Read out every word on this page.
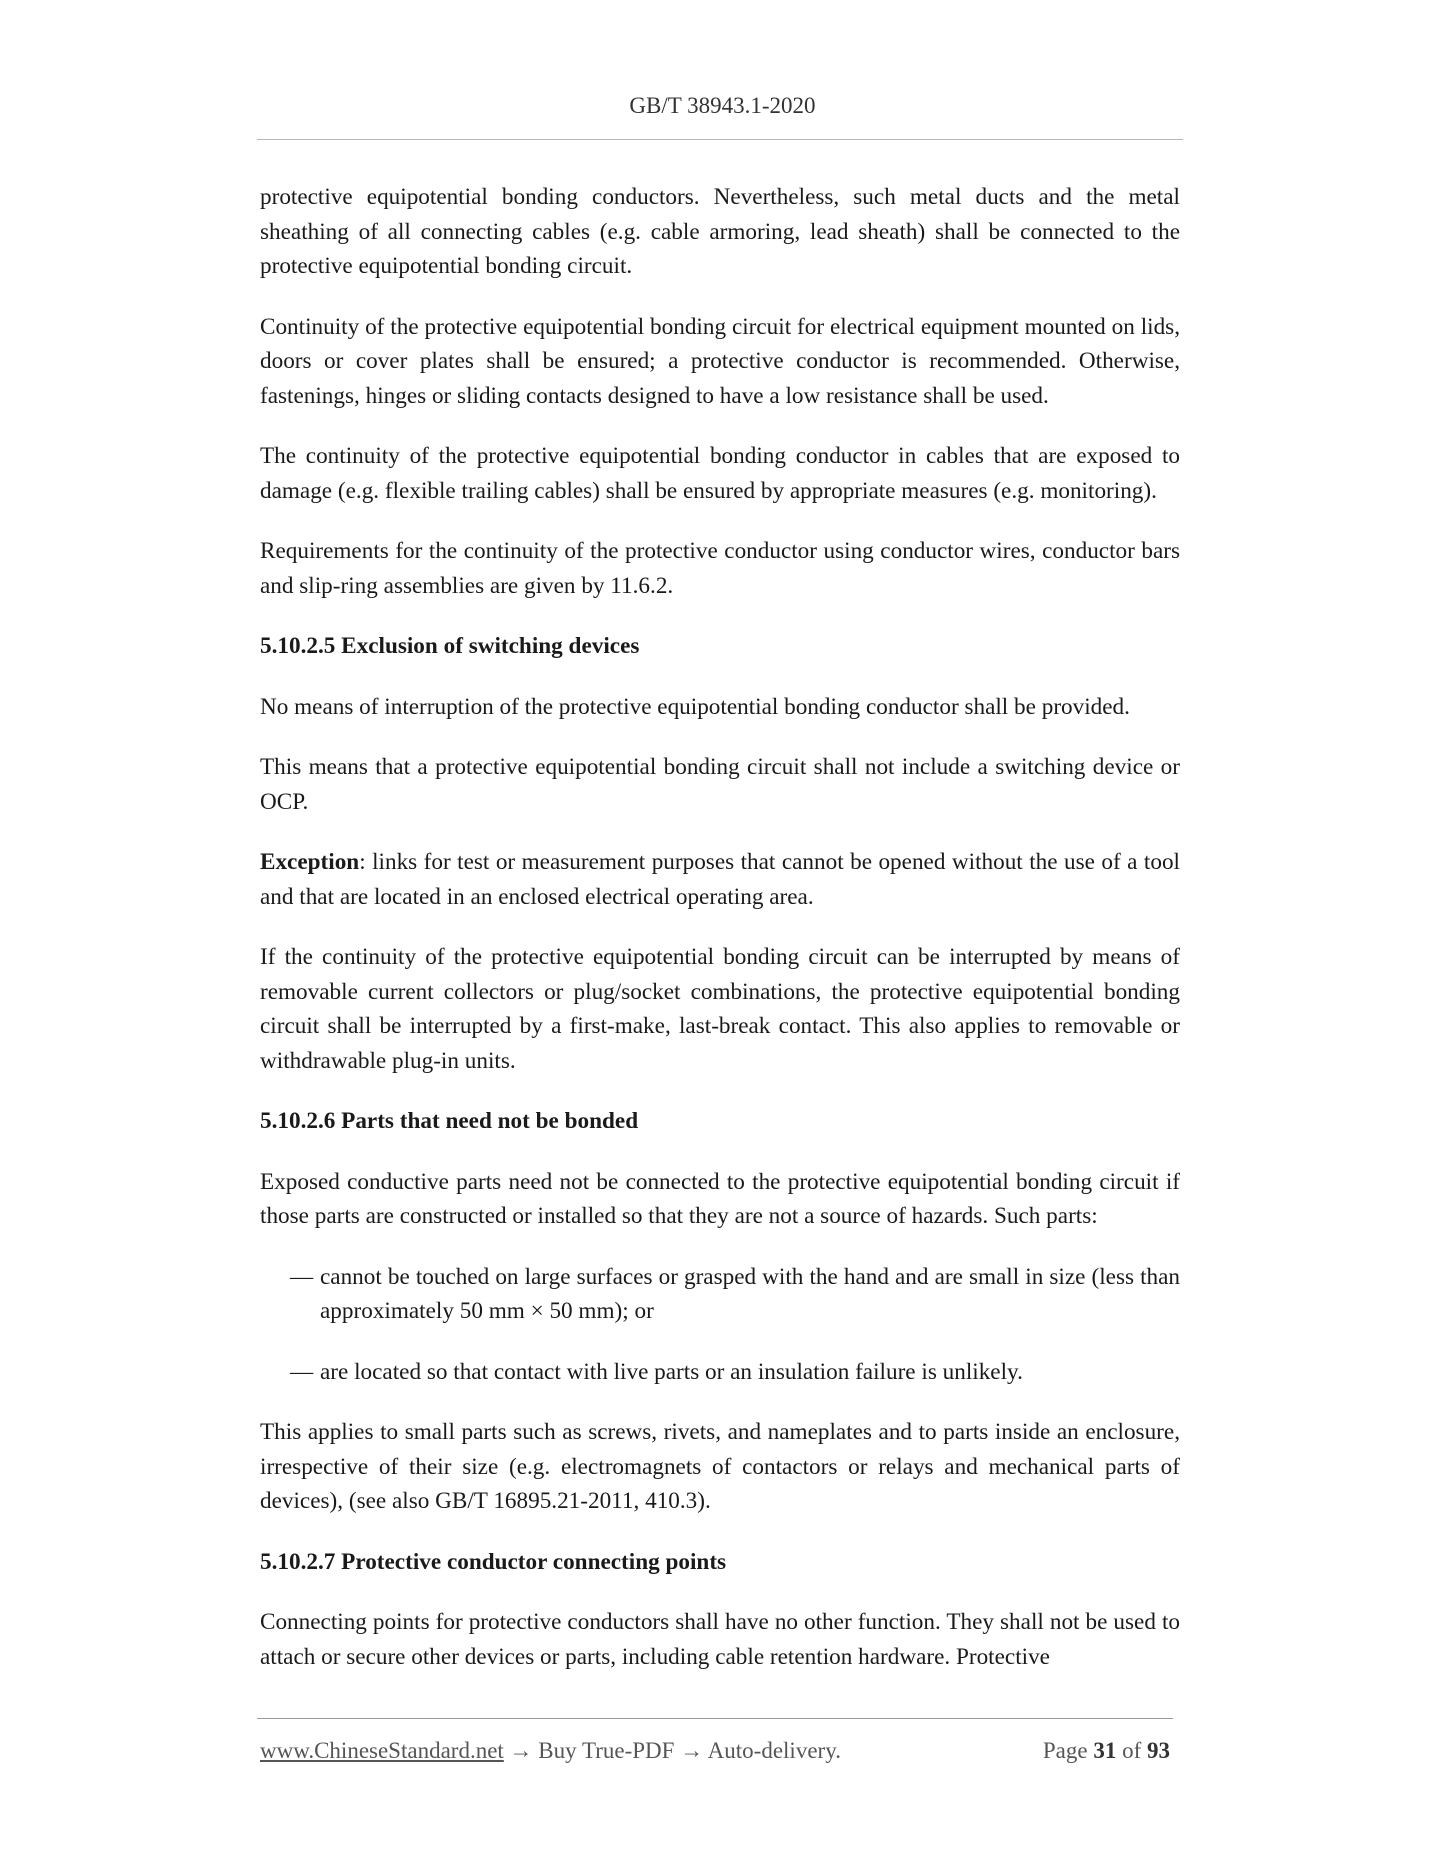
GB/T 38943.1-2020

protective equipotential bonding conductors. Nevertheless, such metal ducts and the metal sheathing of all connecting cables (e.g. cable armoring, lead sheath) shall be connected to the protective equipotential bonding circuit.

Continuity of the protective equipotential bonding circuit for electrical equipment mounted on lids, doors or cover plates shall be ensured; a protective conductor is recommended. Otherwise, fastenings, hinges or sliding contacts designed to have a low resistance shall be used.

The continuity of the protective equipotential bonding conductor in cables that are exposed to damage (e.g. flexible trailing cables) shall be ensured by appropriate measures (e.g. monitoring).

Requirements for the continuity of the protective conductor using conductor wires, conductor bars and slip-ring assemblies are given by 11.6.2.

5.10.2.5 Exclusion of switching devices

No means of interruption of the protective equipotential bonding conductor shall be provided.

This means that a protective equipotential bonding circuit shall not include a switching device or OCP.

Exception: links for test or measurement purposes that cannot be opened without the use of a tool and that are located in an enclosed electrical operating area.

If the continuity of the protective equipotential bonding circuit can be interrupted by means of removable current collectors or plug/socket combinations, the protective equipotential bonding circuit shall be interrupted by a first-make, last-break contact. This also applies to removable or withdrawable plug-in units.

5.10.2.6 Parts that need not be bonded

Exposed conductive parts need not be connected to the protective equipotential bonding circuit if those parts are constructed or installed so that they are not a source of hazards. Such parts:

— cannot be touched on large surfaces or grasped with the hand and are small in size (less than approximately 50 mm × 50 mm); or
— are located so that contact with live parts or an insulation failure is unlikely.

This applies to small parts such as screws, rivets, and nameplates and to parts inside an enclosure, irrespective of their size (e.g. electromagnets of contactors or relays and mechanical parts of devices), (see also GB/T 16895.21-2011, 410.3).

5.10.2.7 Protective conductor connecting points

Connecting points for protective conductors shall have no other function. They shall not be used to attach or secure other devices or parts, including cable retention hardware. Protective

www.ChineseStandard.net → Buy True-PDF → Auto-delivery.	Page 31 of 93
